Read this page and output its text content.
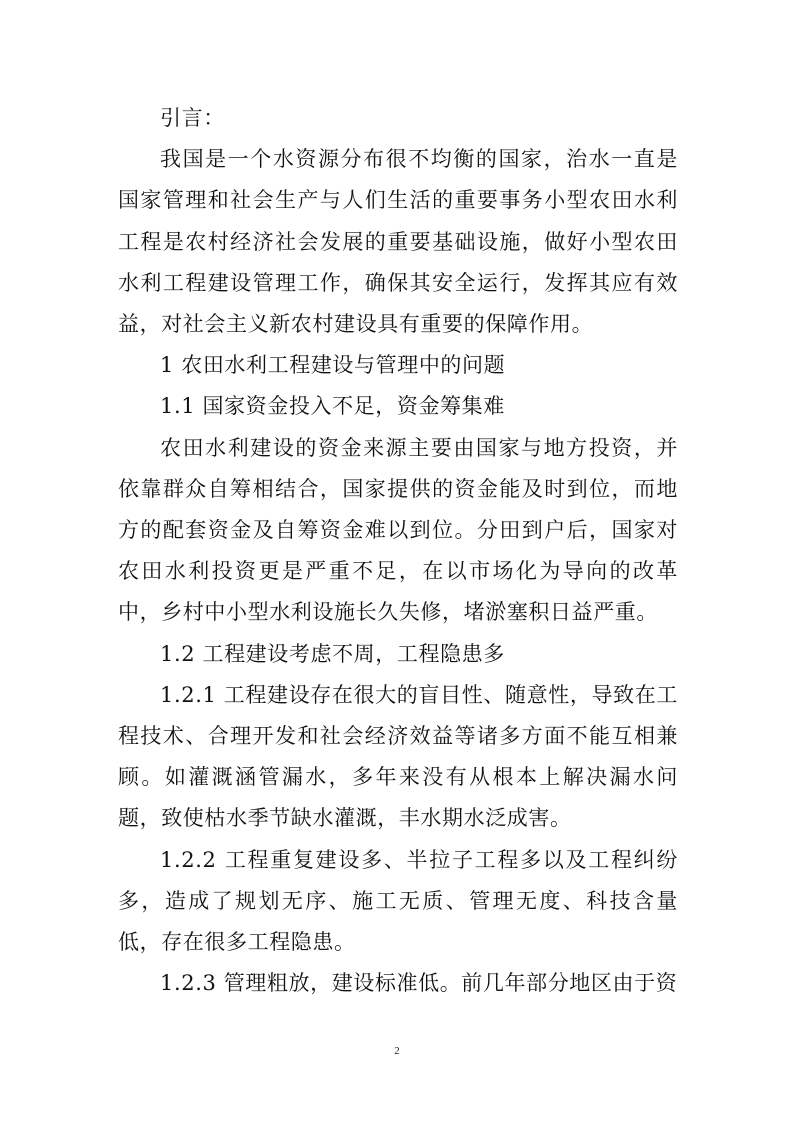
引言：

我国是一个水资源分布很不均衡的国家，治水一直是国家管理和社会生产与人们生活的重要事务小型农田水利工程是农村经济社会发展的重要基础设施，做好小型农田水利工程建设管理工作，确保其安全运行，发挥其应有效益，对社会主义新农村建设具有重要的保障作用。

1 农田水利工程建设与管理中的问题

1.1 国家资金投入不足，资金筹集难

农田水利建设的资金来源主要由国家与地方投资，并依靠群众自筹相结合，国家提供的资金能及时到位，而地方的配套资金及自筹资金难以到位。分田到户后，国家对农田水利投资更是严重不足，在以市场化为导向的改革中，乡村中小型水利设施长久失修，堵淤塞积日益严重。

1.2 工程建设考虑不周，工程隐患多

1.2.1 工程建设存在很大的盲目性、随意性，导致在工程技术、合理开发和社会经济效益等诸多方面不能互相兼顾。如灌溉涵管漏水，多年来没有从根本上解决漏水问题，致使枯水季节缺水灌溉，丰水期水泛成害。

1.2.2 工程重复建设多、半拉子工程多以及工程纠纷多，造成了规划无序、施工无质、管理无度、科技含量低，存在很多工程隐患。

1.2.3 管理粗放，建设标准低。前几年部分地区由于资

2
